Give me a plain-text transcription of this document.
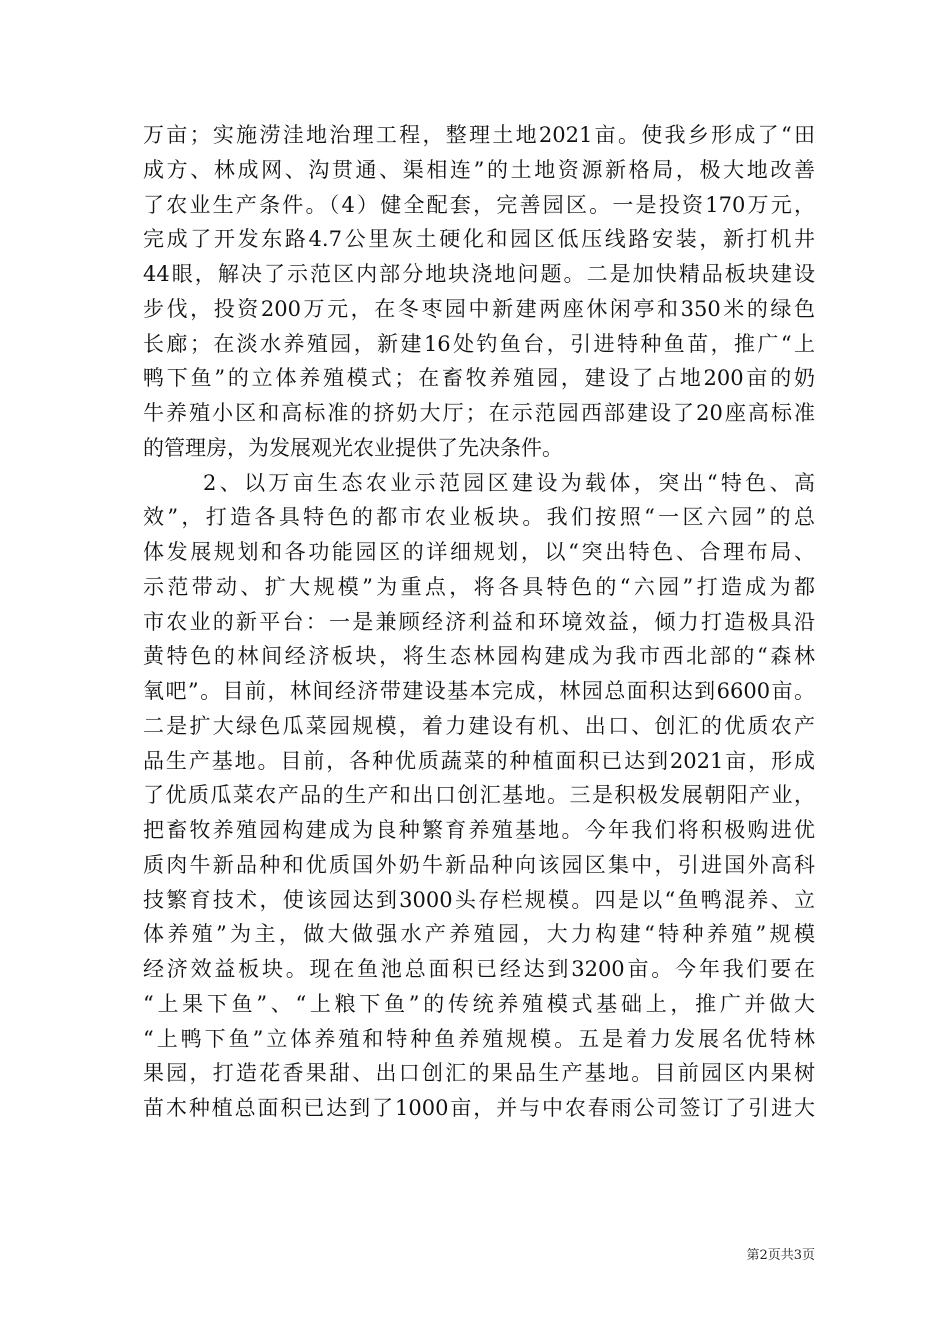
万亩；实施涝洼地治理工程，整理土地2021亩。使我乡形成了“田
成方、林成网、沟贯通、渠相连”的土地资源新格局，极大地改善
了农业生产条件。（4）健全配套，完善园区。一是投资170万元，
完成了开发东路4.7公里灰土硬化和园区低压线路安装，新打机井
44眼，解决了示范区内部分地块浇地问题。二是加快精品板块建设
步伐，投资200万元，在冬枣园中新建两座休闲亭和350米的绿色
长廊；在淡水养殖园，新建16处钓鱼台，引进特种鱼苗，推广“上
鸭下鱼”的立体养殖模式；在畜牧养殖园，建设了占地200亩的奶
牛养殖小区和高标准的挤奶大厅；在示范园西部建设了20座高标准
的管理房，为发展观光农业提供了先决条件。
2、以万亩生态农业示范园区建设为载体，突出“特色、高
效”，打造各具特色的都市农业板块。我们按照“一区六园”的总
体发展规划和各功能园区的详细规划，以“突出特色、合理布局、
示范带动、扩大规模”为重点，将各具特色的“六园”打造成为都
市农业的新平台：一是兼顾经济利益和环境效益，倾力打造极具沿
黄特色的林间经济板块，将生态林园构建成为我市西北部的“森林
氧吧”。目前，林间经济带建设基本完成，林园总面积达到6600亩。
二是扩大绿色瓜菜园规模，着力建设有机、出口、创汇的优质农产
品生产基地。目前，各种优质蔬菜的种植面积已达到2021亩，形成
了优质瓜菜农产品的生产和出口创汇基地。三是积极发展朝阳产业，
把畜牧养殖园构建成为良种繁育养殖基地。今年我们将积极购进优
质肉牛新品种和优质国外奶牛新品种向该园区集中，引进国外高科
技繁育技术，使该园达到3000头存栏规模。四是以“鱼鸭混养、立
体养殖”为主，做大做强水产养殖园，大力构建“特种养殖”规模
经济效益板块。现在鱼池总面积已经达到3200亩。今年我们要在
“上果下鱼”、“上粮下鱼”的传统养殖模式基础上，推广并做大
“上鸭下鱼”立体养殖和特种鱼养殖规模。五是着力发展名优特林
果园，打造花香果甜、出口创汇的果品生产基地。目前园区内果树
苗木种植总面积已达到了1000亩，并与中农春雨公司签订了引进大
第2页共3页
